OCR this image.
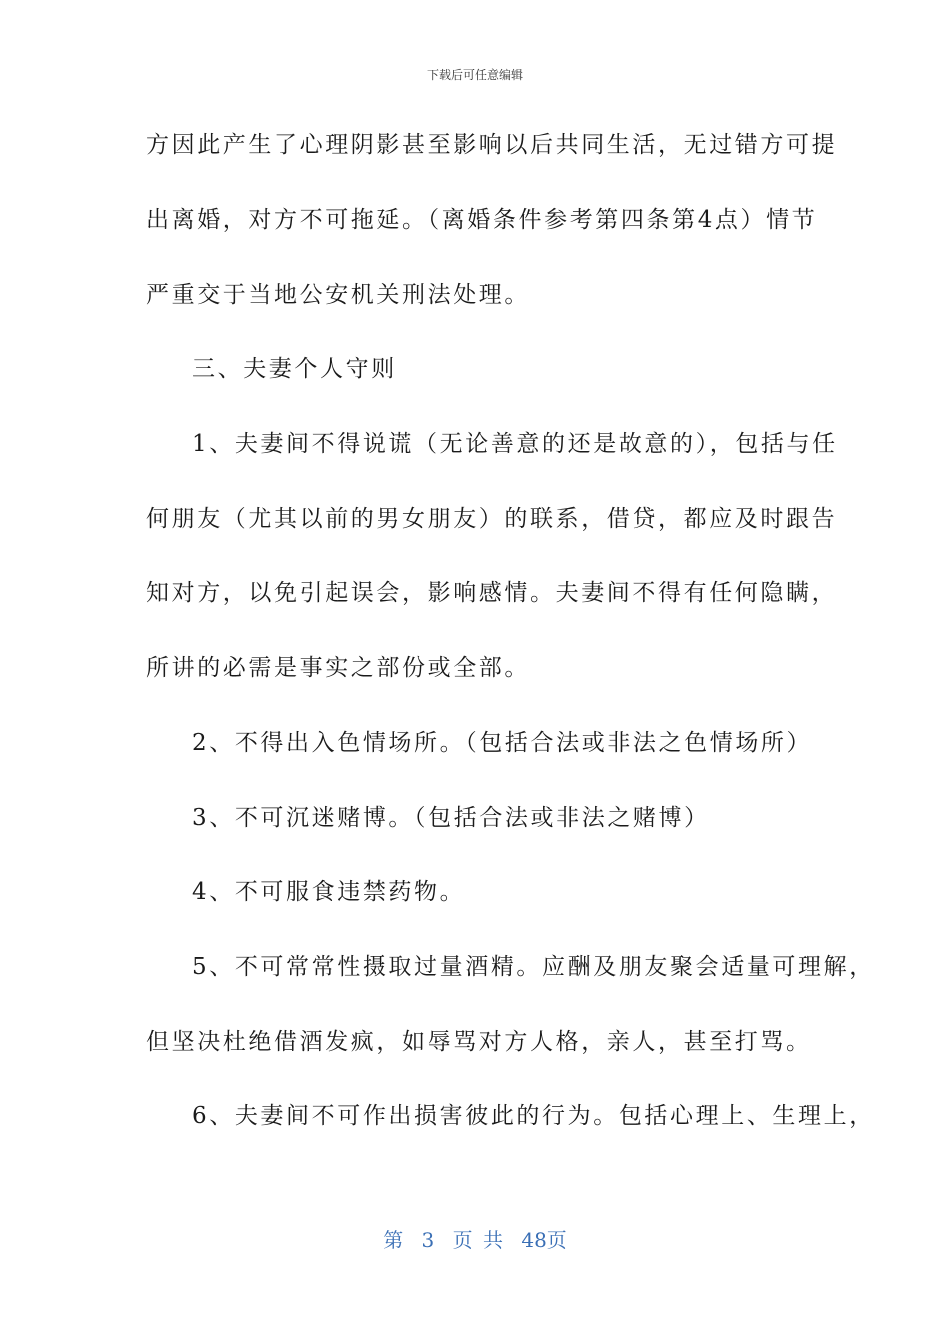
下载后可任意编辑
方因此产生了心理阴影甚至影响以后共同生活，无过错方可提
出离婚，对方不可拖延。（离婚条件参考第四条第4点）情节
严重交于当地公安机关刑法处理。
三、夫妻个人守则
1、夫妻间不得说谎（无论善意的还是故意的），包括与任
何朋友（尤其以前的男女朋友）的联系，借贷，都应及时跟告
知对方，以免引起误会，影响感情。夫妻间不得有任何隐瞒，
所讲的必需是事实之部份或全部。
2、不得出入色情场所。（包括合法或非法之色情场所）
3、不可沉迷赌博。（包括合法或非法之赌博）
4、不可服食违禁药物。
5、不可常常性摄取过量酒精。应酬及朋友聚会适量可理解，
但坚决杜绝借酒发疯，如辱骂对方人格，亲人，甚至打骂。
6、夫妻间不可作出损害彼此的行为。包括心理上、生理上，
第 3 页 共 48页
